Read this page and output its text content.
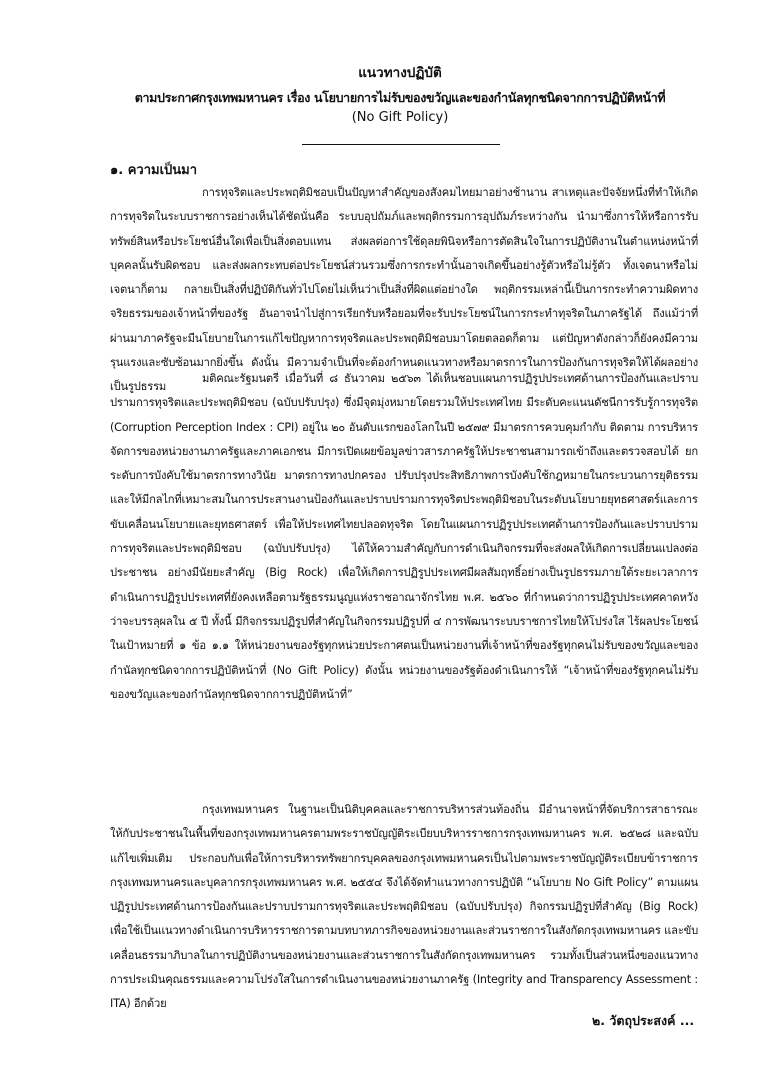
แนวทางปฏิบัติ
ตามประกาศกรุงเทพมหานคร เรื่อง นโยบายการไม่รับของขวัญและของกำนัลทุกชนิดจากการปฏิบัติหน้าที่
(No Gift Policy)
๑. ความเป็นมา

การทุจริตและประพฤติมิชอบเป็นปัญหาสำคัญของสังคมไทยมาอย่างช้านาน สาเหตุและปัจจัยหนึ่งที่ทำให้เกิดการทุจริตในระบบราชการอย่างเห็นได้ชัดนั่นคือ ระบบอุปถัมภ์และพฤติกรรมการอุปถัมภ์ระหว่างกัน นำมาซึ่งการให้หรือการรับทรัพย์สินหรือประโยชน์อื่นใดเพื่อเป็นสิ่งตอบแทน ส่งผลต่อการใช้ดุลยพินิจหรือการตัดสินใจในการปฏิบัติงานในตำแหน่งหน้าที่บุคคลนั้นรับผิดชอบ และส่งผลกระทบต่อประโยชน์ส่วนรวมซึ่งการกระทำนั้นอาจเกิดขึ้นอย่างรู้ตัวหรือไม่รู้ตัว ทั้งเจตนาหรือไม่เจตนาก็ตาม กลายเป็นสิ่งที่ปฏิบัติกันทั่วไปโดยไม่เห็นว่าเป็นสิ่งที่ผิดแต่อย่างใด พฤติกรรมเหล่านี้เป็นการกระทำความผิดทางจริยธรรมของเจ้าหน้าที่ของรัฐ อันอาจนำไปสู่การเรียกรับหรือยอมที่จะรับประโยชน์ในการกระทำทุจริตในภาครัฐได้ ถึงแม้ว่าที่ผ่านมาภาครัฐจะมีนโยบายในการแก้ไขปัญหาการทุจริตและประพฤติมิชอบมาโดยตลอดก็ตาม แต่ปัญหาดังกล่าวก็ยังคงมีความรุนแรงและซับซ้อนมากยิ่งขึ้น ดังนั้น มีความจำเป็นที่จะต้องกำหนดแนวทางหรือมาตรการในการป้องกันการทุจริตให้ได้ผลอย่างเป็นรูปธรรม

มติคณะรัฐมนตรี เมื่อวันที่ ๘ ธันวาคม ๒๕๖๓ ได้เห็นชอบแผนการปฏิรูปประเทศด้านการป้องกันและปราบปรามการทุจริตและประพฤติมิชอบ (ฉบับปรับปรุง) ซึ่งมีจุดมุ่งหมายโดยรวมให้ประเทศไทย มีระดับคะแนนดัชนีการรับรู้การทุจริต (Corruption Perception Index : CPI) อยู่ใน ๒๐ อันดับแรกของโลกในปี ๒๕๗๙ มีมาตรการควบคุมกำกับ ติดตาม การบริหารจัดการของหน่วยงานภาครัฐและภาคเอกชน มีการเปิดเผยข้อมูลข่าวสารภาครัฐให้ประชาชนสามารถเข้าถึงและตรวจสอบได้ ยกระดับการบังคับใช้มาตรการทางวินัย มาตรการทางปกครอง ปรับปรุงประสิทธิภาพการบังคับใช้กฎหมายในกระบวนการยุติธรรม และให้มีกลไกที่เหมาะสมในการประสานงานป้องกันและปราบปรามการทุจริตประพฤติมิชอบในระดับนโยบายยุทธศาสตร์และการขับเคลื่อนนโยบายและยุทธศาสตร์ เพื่อให้ประเทศไทยปลอดทุจริต โดยในแผนการปฏิรูปประเทศด้านการป้องกันและปราบปรามการทุจริตและประพฤติมิชอบ (ฉบับปรับปรุง) ได้ให้ความสำคัญกับการดำเนินกิจกรรมที่จะส่งผลให้เกิดการเปลี่ยนแปลงต่อประชาชน อย่างมีนัยยะสำคัญ (Big Rock) เพื่อให้เกิดการปฏิรูปประเทศมีผลสัมฤทธิ์อย่างเป็นรูปธรรมภายใต้ระยะเวลาการดำเนินการปฏิรูปประเทศที่ยังคงเหลือตามรัฐธรรมนูญแห่งราชอาณาจักรไทย พ.ศ. ๒๕๖๐ ที่กำหนดว่าการปฏิรูปประเทศคาดหวังว่าจะบรรลุผลใน ๕ ปี ทั้งนี้ มีกิจกรรมปฏิรูปที่สำคัญในกิจกรรมปฏิรูปที่ ๔ การพัฒนาระบบราชการไทยให้โปร่งใส ไร้ผลประโยชน์ ในเป้าหมายที่ ๑ ข้อ ๑.๑ ให้หน่วยงานของรัฐทุกหน่วยประกาศตนเป็นหน่วยงานที่เจ้าหน้าที่ของรัฐทุกคนไม่รับของขวัญและของกำนัลทุกชนิดจากการปฏิบัติหน้าที่ (No Gift Policy) ดังนั้น หน่วยงานของรัฐต้องดำเนินการให้ “เจ้าหน้าที่ของรัฐทุกคนไม่รับของขวัญและของกำนัลทุกชนิดจากการปฏิบัติหน้าที่”

กรุงเทพมหานคร ในฐานะเป็นนิติบุคคลและราชการบริหารส่วนท้องถิ่น มีอำนาจหน้าที่จัดบริการสาธารณะให้กับประชาชนในพื้นที่ของกรุงเทพมหานครตามพระราชบัญญัติระเบียบบริหารราชการกรุงเทพมหานคร พ.ศ. ๒๕๒๘ และฉบับแก้ไขเพิ่มเติม ประกอบกับเพื่อให้การบริหารทรัพยากรบุคคลของกรุงเทพมหานครเป็นไปตามพระราชบัญญัติระเบียบข้าราชการกรุงเทพมหานครและบุคลากรกรุงเทพมหานคร พ.ศ. ๒๕๕๔ จึงได้จัดทำแนวทางการปฏิบัติ “นโยบาย No Gift Policy” ตามแผนปฏิรูปประเทศด้านการป้องกันและปราบปรามการทุจริตและประพฤติมิชอบ (ฉบับปรับปรุง) กิจกรรมปฏิรูปที่สำคัญ (Big Rock) เพื่อใช้เป็นแนวทางดำเนินการบริหารราชการตามบทบาทภารกิจของหน่วยงานและส่วนราชการในสังกัดกรุงเทพมหานคร และขับเคลื่อนธรรมาภิบาลในการปฏิบัติงานของหน่วยงานและส่วนราชการในสังกัดกรุงเทพมหานคร รวมทั้งเป็นส่วนหนึ่งของแนวทางการประเมินคุณธรรมและความโปร่งใสในการดำเนินงานของหน่วยงานภาครัฐ (Integrity and Transparency Assessment : ITA) อีกด้วย

๒. วัตถุประสงค์ ...
